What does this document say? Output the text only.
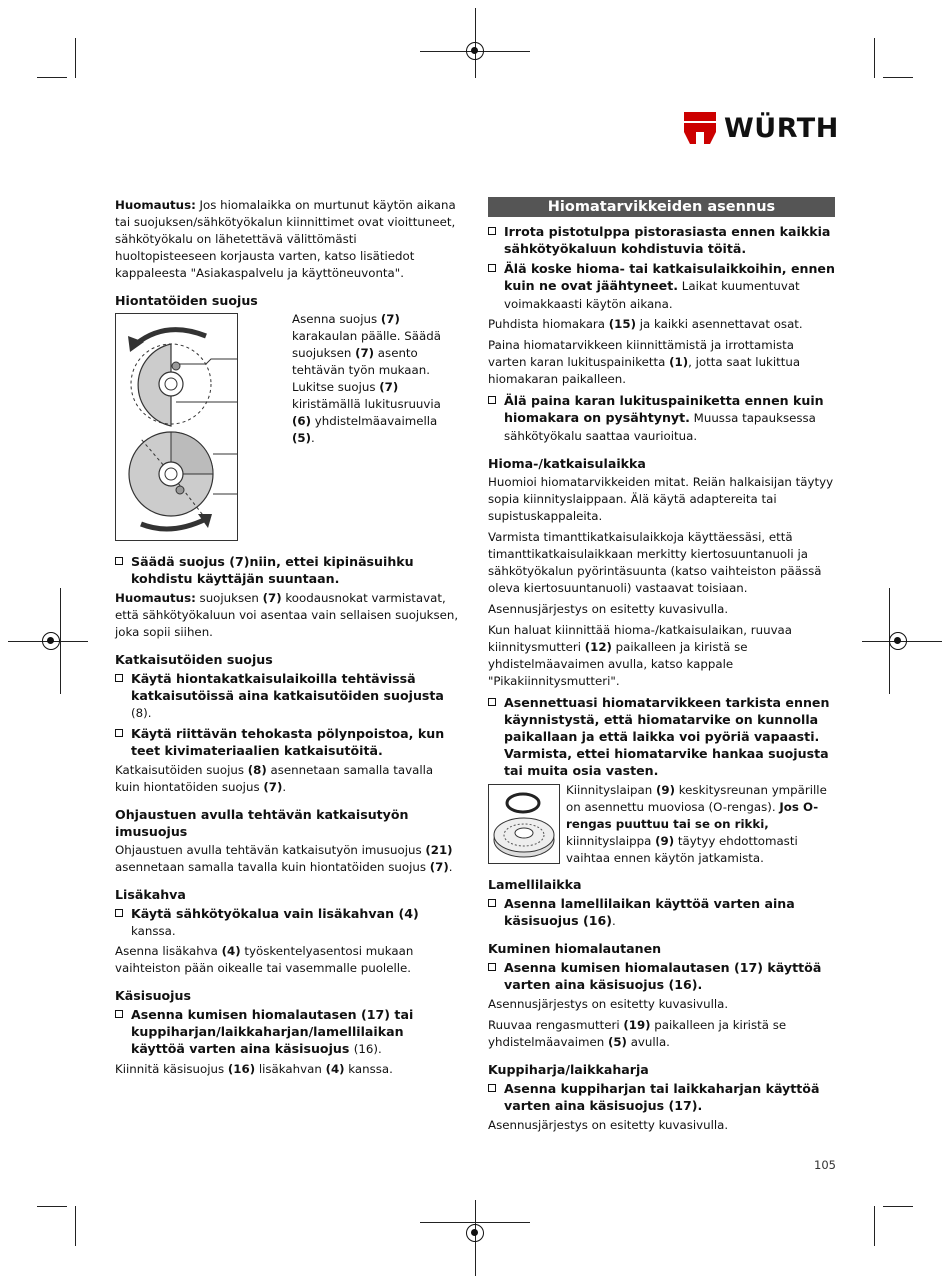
WÜRTH

Huomautus: Jos hiomalaikka on murtunut käytön aikana tai suojuksen/sähkötyökalun kiinnittimet ovat vioittuneet, sähkötyökalu on lähetettävä välittömästi huoltopisteeseen korjausta varten, katso lisätiedot kappaleesta "Asiakaspalvelu ja käyttöneuvonta".

Hiontatöiden suojus

Asenna suojus (7) karakaulan päälle. Säädä suojuksen (7) asento tehtävän työn mukaan. Lukitse suojus (7) kiristämällä lukitusruuvia (6) yhdistelmäavaimella (5).

Säädä suojus (7)niin, ettei kipinäsuihku kohdistu käyttäjän suuntaan.

Huomautus: suojuksen (7) koodausnokat varmistavat, että sähkötyökaluun voi asentaa vain sellaisen suojuksen, joka sopii siihen.

Katkaisutöiden suojus
Käytä hiontakatkaisulaikoilla tehtävissä katkaisutöissä aina katkaisutöiden suojusta (8).
Käytä riittävän tehokasta pölynpoistoa, kun teet kivimateriaalien katkaisutöitä.

Katkaisutöiden suojus (8) asennetaan samalla tavalla kuin hiontatöiden suojus (7).

Ohjaustuen avulla tehtävän katkaisutyön imusuojus

Ohjaustuen avulla tehtävän katkaisutyön imusuojus (21) asennetaan samalla tavalla kuin hiontatöiden suojus (7).

Lisäkahva
Käytä sähkötyökalua vain lisäkahvan (4)
kanssa.

Asenna lisäkahva (4) työskentelyasentosi mukaan vaihteiston pään oikealle tai vasemmalle puolelle.

Käsisuojus
Asenna kumisen hiomalautasen (17) tai kuppiharjan/laikkaharjan/lamellilaikan käyttöä varten aina käsisuojus (16).

Kiinnitä käsisuojus (16) lisäkahvan (4) kanssa.

Hiomatarvikkeiden asennus
Irrota pistotulppa pistorasiasta ennen kaikkia sähkötyökaluun kohdistuvia töitä.
Älä koske hioma- tai katkaisulaikkoihin, ennen kuin ne ovat jäähtyneet. Laikat kuumentuvat voimakkaasti käytön aikana.

Puhdista hiomakara (15) ja kaikki asennettavat osat.

Paina hiomatarvikkeen kiinnittämistä ja irrottamista varten karan lukituspainiketta (1), jotta saat lukittua hiomakaran paikalleen.

Älä paina karan lukituspainiketta ennen kuin hiomakara on pysähtynyt. Muussa tapauksessa sähkötyökalu saattaa vaurioitua.
Hioma-/katkaisulaikka

Huomioi hiomatarvikkeiden mitat. Reiän halkaisijan täytyy sopia kiinnityslaippaan. Älä käytä adaptereita tai supistuskappaleita.

Varmista timanttikatkaisulaikkoja käyttäessäsi, että timanttikatkaisulaikkaan merkitty kiertosuuntanuoli ja sähkötyökalun pyörintäsuunta (katso vaihteiston päässä oleva kiertosuuntanuoli) vastaavat toisiaan.

Asennusjärjestys on esitetty kuvasivulla.

Kun haluat kiinnittää hioma-/katkaisulaikan, ruuvaa kiinnitysmutteri (12) paikalleen ja kiristä se yhdistelmäavaimen avulla, katso kappale "Pikakiinnitysmutteri".

Asennettuasi hiomatarvikkeen tarkista ennen käynnistystä, että hiomatarvike on kunnolla paikallaan ja että laikka voi pyöriä vapaasti. Varmista, ettei hiomatarvike hankaa suojusta tai muita osia vasten.

Kiinnityslaipan (9) keskitysreunan ympärille on asennettu muoviosa (O-rengas). Jos O-rengas puuttuu tai se on rikki, kiinnityslaippa (9) täytyy ehdottomasti vaihtaa ennen käytön jatkamista.

Lamellilaikka
Asenna lamellilaikan käyttöä varten aina käsisuojus (16).
Kuminen hiomalautanen
Asenna kumisen hiomalautasen (17) käyttöä varten aina käsisuojus (16).

Asennusjärjestys on esitetty kuvasivulla.

Ruuvaa rengasmutteri (19) paikalleen ja kiristä se yhdistelmäavaimen (5) avulla.

Kuppiharja/laikkaharja
Asenna kuppiharjan tai laikkaharjan käyttöä varten aina käsisuojus (17).

Asennusjärjestys on esitetty kuvasivulla.

105
